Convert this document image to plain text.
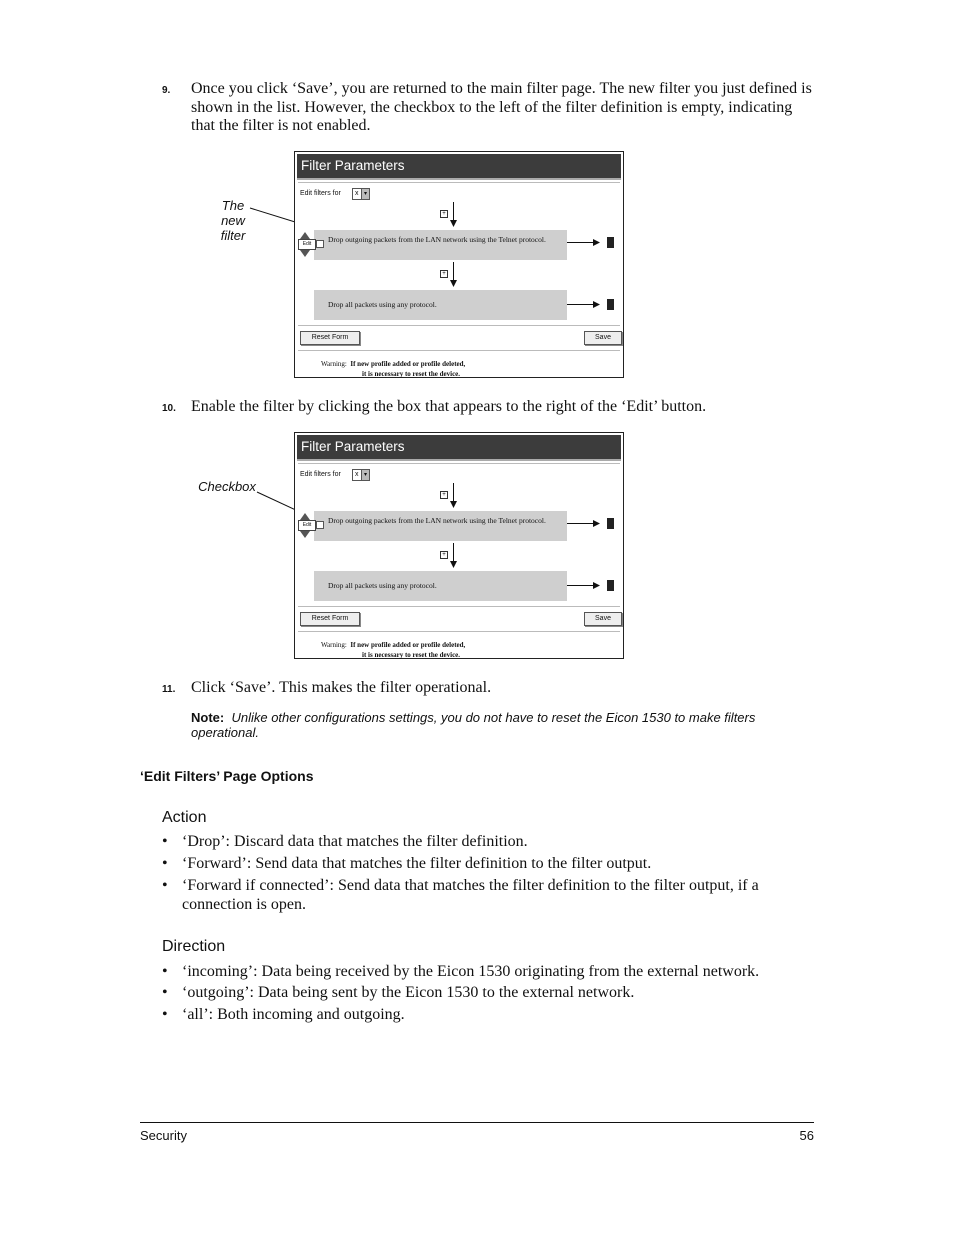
9. Once you click ‘Save’, you are returned to the main filter page. The new filter you just defined is shown in the list. However, the checkbox to the left of the filter definition is empty, indicating that the filter is not enabled.
The new filter
Filter Parameters
Edit filters for x ▾
+
Drop outgoing packets from the LAN network using the Telnet protocol.
Edit
+
Drop all packets using any protocol.
Reset Form	Save
Warning: If new profile added or profile deleted,
it is necessary to reset the device.
10. Enable the filter by clicking the box that appears to the right of the ‘Edit’ button.
Checkbox
Filter Parameters
Edit filters for x ▾
+
Drop outgoing packets from the LAN network using the Telnet protocol.
Edit
+
Drop all packets using any protocol.
Reset Form	Save
Warning: If new profile added or profile deleted,
it is necessary to reset the device.
11. Click ‘Save’. This makes the filter operational.
Note: Unlike other configurations settings, you do not have to reset the Eicon 1530 to make filters operational.
‘Edit Filters’ Page Options
Action
• ‘Drop’: Discard data that matches the filter definition.
• ‘Forward’: Send data that matches the filter definition to the filter output.
• ‘Forward if connected’: Send data that matches the filter definition to the filter output, if a connection is open.
Direction
• ‘incoming’: Data being received by the Eicon 1530 originating from the external network.
• ‘outgoing’: Data being sent by the Eicon 1530 to the external network.
• ‘all’: Both incoming and outgoing.
Security	56
